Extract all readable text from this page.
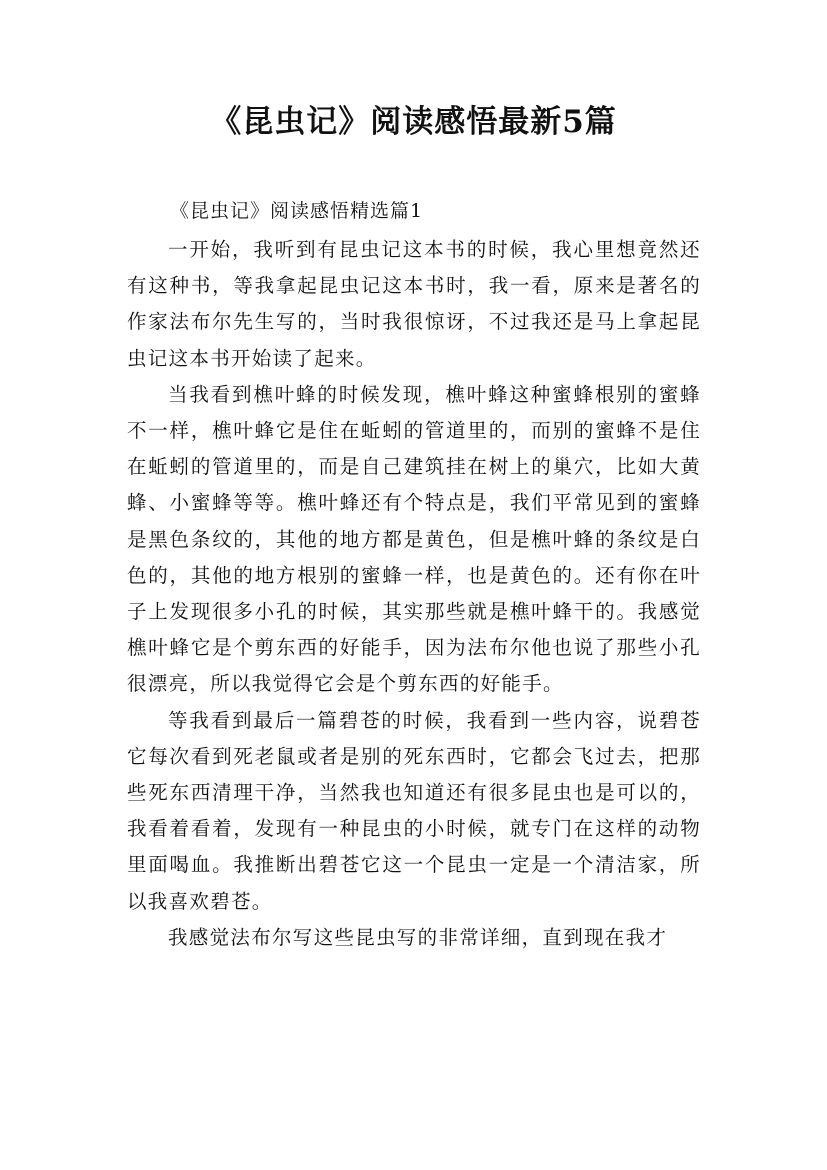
《昆虫记》阅读感悟最新5篇
《昆虫记》阅读感悟精选篇1

一开始，我听到有昆虫记这本书的时候，我心里想竟然还有这种书，等我拿起昆虫记这本书时，我一看，原来是著名的作家法布尔先生写的，当时我很惊讶，不过我还是马上拿起昆虫记这本书开始读了起来。

当我看到樵叶蜂的时候发现，樵叶蜂这种蜜蜂根别的蜜蜂不一样，樵叶蜂它是住在蚯蚓的管道里的，而别的蜜蜂不是住在蚯蚓的管道里的，而是自己建筑挂在树上的巢穴，比如大黄蜂、小蜜蜂等等。樵叶蜂还有个特点是，我们平常见到的蜜蜂是黑色条纹的，其他的地方都是黄色，但是樵叶蜂的条纹是白色的，其他的地方根别的蜜蜂一样，也是黄色的。还有你在叶子上发现很多小孔的时候，其实那些就是樵叶蜂干的。我感觉樵叶蜂它是个剪东西的好能手，因为法布尔他也说了那些小孔很漂亮，所以我觉得它会是个剪东西的好能手。

等我看到最后一篇碧苍的时候，我看到一些内容，说碧苍它每次看到死老鼠或者是别的死东西时，它都会飞过去，把那些死东西清理干净，当然我也知道还有很多昆虫也是可以的，我看着看着，发现有一种昆虫的小时候，就专门在这样的动物里面喝血。我推断出碧苍它这一个昆虫一定是一个清洁家，所以我喜欢碧苍。

我感觉法布尔写这些昆虫写的非常详细，直到现在我才
